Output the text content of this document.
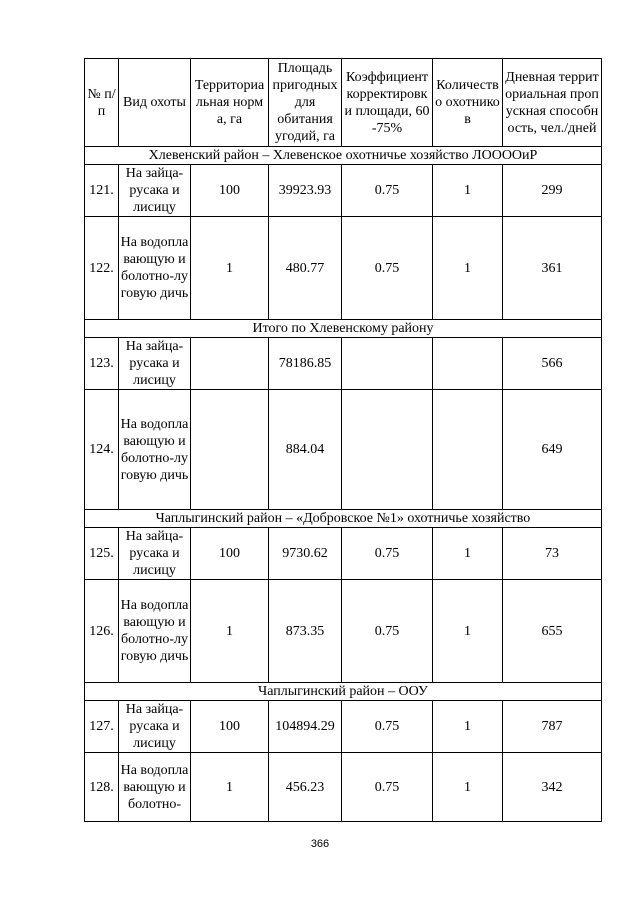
№ п/п	Вид охоты	Территориальная норма, га	Площадь пригодных для обитания угодий, га	Коэффициент корректировки площади, 60-75%	Количество охотников	Дневная территориальная пропускная способность, чел./дней
Хлевенский район – Хлевенское охотничье хозяйство ЛОООOиР						
121.	На зайца-русака и лисицу	100	39923.93	0.75	1	299
122.	На водоплавающую и болотно-луговую дичь	1	480.77	0.75	1	361
Итого по Хлевенскому району						
123.	На зайца-русака и лисицу		78186.85			566
124.	На водоплавающую и болотно-луговую дичь		884.04			649
Чаплыгинский район – «Добровское №1» охотничье хозяйство						
125.	На зайца-русака и лисицу	100	9730.62	0.75	1	73
126.	На водоплавающую и болотно-луговую дичь	1	873.35	0.75	1	655
Чаплыгинский район – ООУ						
127.	На зайца-русака и лисицу	100	104894.29	0.75	1	787
128.	На водоплавающую и болотно-	1	456.23	0.75	1	342
366
